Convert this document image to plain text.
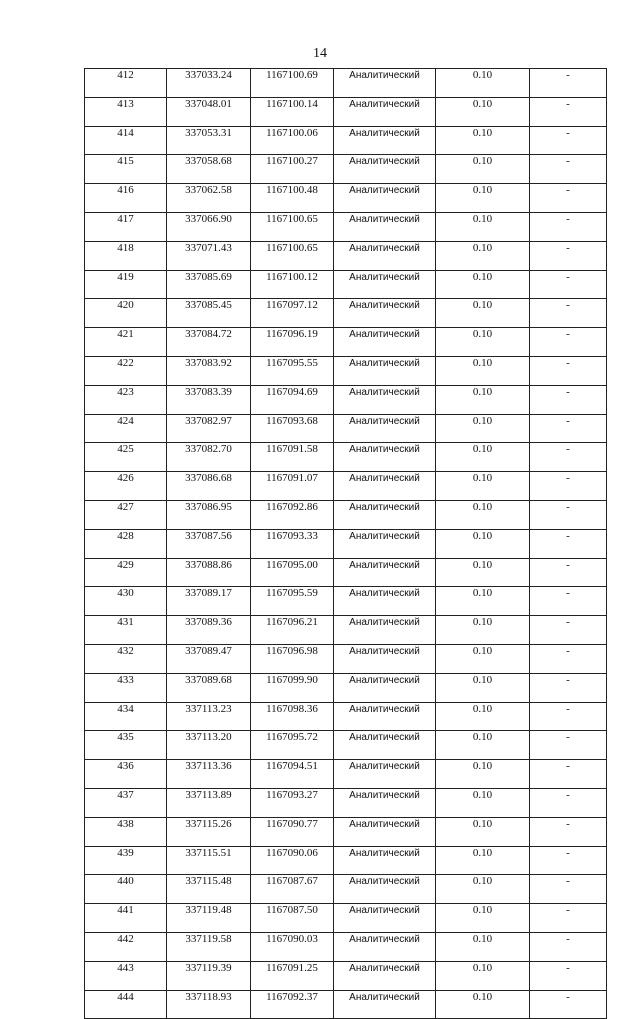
14
412	337033.24	1167100.69	Аналитический	0.10	-
413	337048.01	1167100.14	Аналитический	0.10	-
414	337053.31	1167100.06	Аналитический	0.10	-
415	337058.68	1167100.27	Аналитический	0.10	-
416	337062.58	1167100.48	Аналитический	0.10	-
417	337066.90	1167100.65	Аналитический	0.10	-
418	337071.43	1167100.65	Аналитический	0.10	-
419	337085.69	1167100.12	Аналитический	0.10	-
420	337085.45	1167097.12	Аналитический	0.10	-
421	337084.72	1167096.19	Аналитический	0.10	-
422	337083.92	1167095.55	Аналитический	0.10	-
423	337083.39	1167094.69	Аналитический	0.10	-
424	337082.97	1167093.68	Аналитический	0.10	-
425	337082.70	1167091.58	Аналитический	0.10	-
426	337086.68	1167091.07	Аналитический	0.10	-
427	337086.95	1167092.86	Аналитический	0.10	-
428	337087.56	1167093.33	Аналитический	0.10	-
429	337088.86	1167095.00	Аналитический	0.10	-
430	337089.17	1167095.59	Аналитический	0.10	-
431	337089.36	1167096.21	Аналитический	0.10	-
432	337089.47	1167096.98	Аналитический	0.10	-
433	337089.68	1167099.90	Аналитический	0.10	-
434	337113.23	1167098.36	Аналитический	0.10	-
435	337113.20	1167095.72	Аналитический	0.10	-
436	337113.36	1167094.51	Аналитический	0.10	-
437	337113.89	1167093.27	Аналитический	0.10	-
438	337115.26	1167090.77	Аналитический	0.10	-
439	337115.51	1167090.06	Аналитический	0.10	-
440	337115.48	1167087.67	Аналитический	0.10	-
441	337119.48	1167087.50	Аналитический	0.10	-
442	337119.58	1167090.03	Аналитический	0.10	-
443	337119.39	1167091.25	Аналитический	0.10	-
444	337118.93	1167092.37	Аналитический	0.10	-
